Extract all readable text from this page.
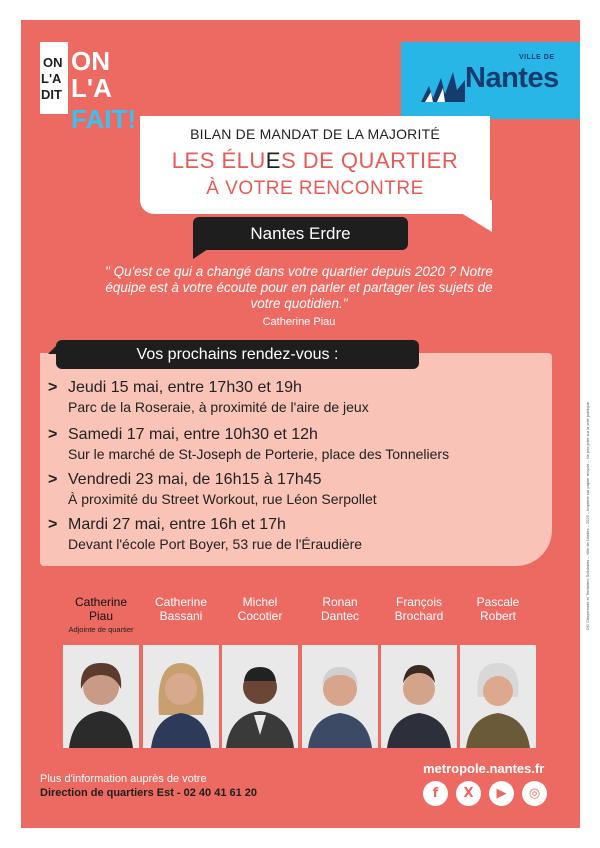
ON
L'A
DIT
ON
L'A
FAIT!
VILLE DE
Nantes
BILAN DE MANDAT DE LA MAJORITÉ
LES ÉLUES DE QUARTIER
À VOTRE RENCONTRE
Nantes Erdre
" Qu'est ce qui a changé dans votre quartier depuis 2020 ? Notre équipe est à votre écoute pour en parler et partager les sujets de votre quotidien."
Catherine Piau
Vos prochains rendez-vous :
> Jeudi 15 mai, entre 17h30 et 19h
Parc de la Roseraie, à proximité de l'aire de jeux
> Samedi 17 mai, entre 10h30 et 12h
Sur le marché de St-Joseph de Porterie, place des Tonneliers
> Vendredi 23 mai, de 16h15 à 17h45
À proximité du Street Workout, rue Léon Serpollet
> Mardi 27 mai, entre 16h et 17h
Devant l'école Port Boyer, 53 rue de l'Éraudière
Catherine
Piau
Adjointe de quartier
Catherine
Bassani
Michel
Cocotier
Ronan
Dantec
François
Brochard
Pascale
Robert
Plus d'information auprès de votre
Direction de quartiers Est - 02 40 41 61 20
metropole.nantes.fr
f	X	▶	◎
DG Citoyenneté et Territoires Solidaires – Ville de Nantes – 2025 – Imprimé sur papier recyclé – Ne pas jeter sur la voie publique
